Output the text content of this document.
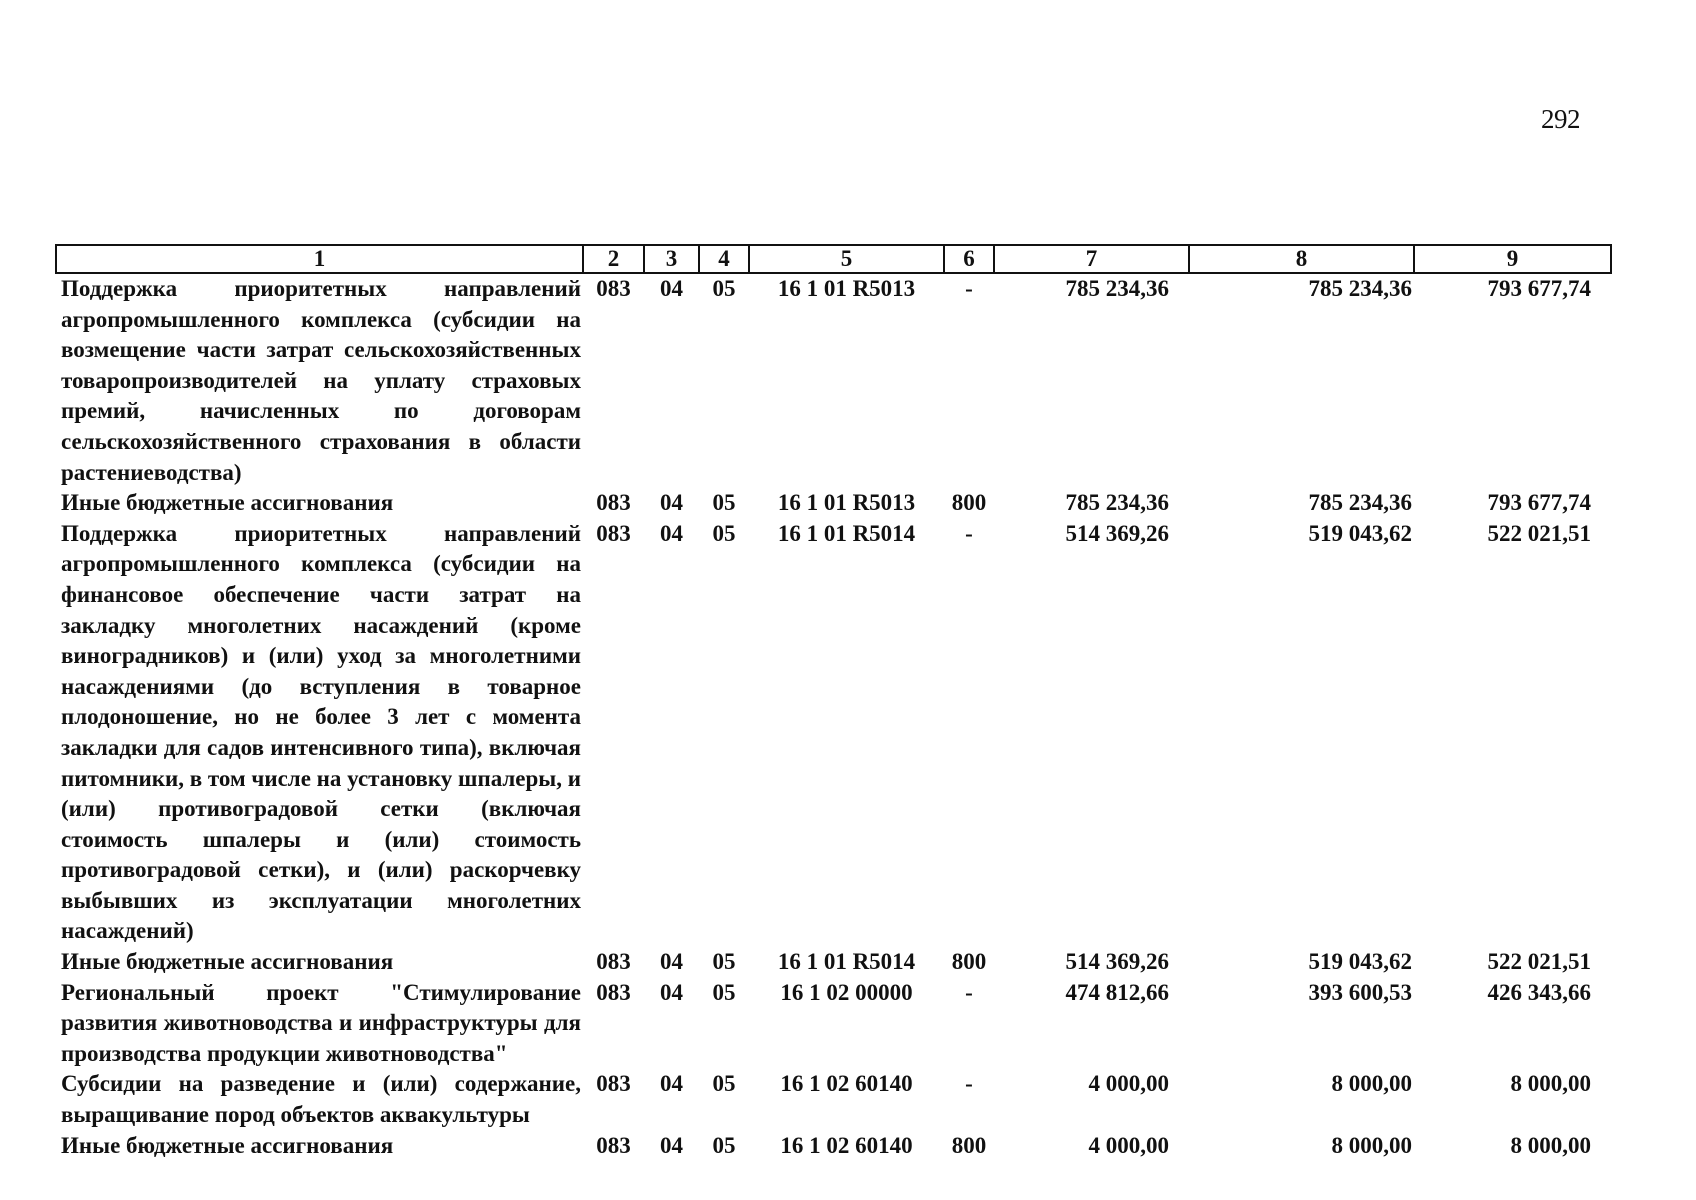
292
1	2	3	4	5	6	7	8	9
Поддержка приоритетных направлений агропромышленного комплекса (субсидии на возмещение части затрат сельскохозяйственных товаропроизводителей на уплату страховых премий, начисленных по договорам сельскохозяйственного страхования в области растениеводства)	083	04	05	16 1 01 R5013	-	785 234,36	785 234,36	793 677,74
Иные бюджетные ассигнования	083	04	05	16 1 01 R5013	800	785 234,36	785 234,36	793 677,74
Поддержка приоритетных направлений агропромышленного комплекса (субсидии на финансовое обеспечение части затрат на закладку многолетних насаждений (кроме виноградников) и (или) уход за многолетними насаждениями (до вступления в товарное плодоношение, но не более 3 лет с момента закладки для садов интенсивного типа), включая питомники, в том числе на установку шпалеры, и (или) противоградовой сетки (включая стоимость шпалеры и (или) стоимость противоградовой сетки), и (или) раскорчевку выбывших из эксплуатации многолетних насаждений)	083	04	05	16 1 01 R5014	-	514 369,26	519 043,62	522 021,51
Иные бюджетные ассигнования	083	04	05	16 1 01 R5014	800	514 369,26	519 043,62	522 021,51
Региональный проект "Стимулирование развития животноводства и инфраструктуры для производства продукции животноводства"	083	04	05	16 1 02 00000	-	474 812,66	393 600,53	426 343,66
Субсидии на разведение и (или) содержание, выращивание пород объектов аквакультуры	083	04	05	16 1 02 60140	-	4 000,00	8 000,00	8 000,00
Иные бюджетные ассигнования	083	04	05	16 1 02 60140	800	4 000,00	8 000,00	8 000,00
